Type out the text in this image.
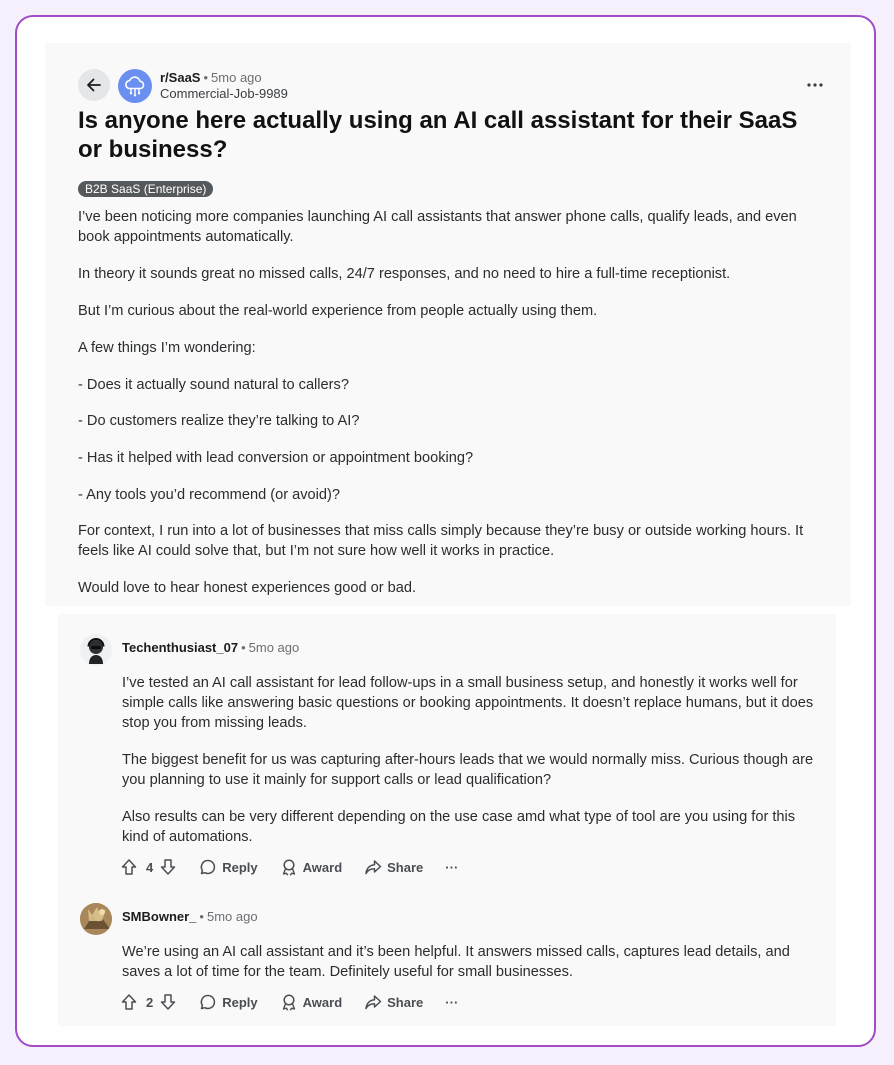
r/SaaS • 5mo ago
Commercial-Job-9989
Is anyone here actually using an AI call assistant for their SaaS or business?
B2B SaaS (Enterprise)
I’ve been noticing more companies launching AI call assistants that answer phone calls, qualify leads, and even book appointments automatically.
In theory it sounds great no missed calls, 24/7 responses, and no need to hire a full-time receptionist.
But I’m curious about the real-world experience from people actually using them.
A few things I’m wondering:
- Does it actually sound natural to callers?
- Do customers realize they’re talking to AI?
- Has it helped with lead conversion or appointment booking?
- Any tools you’d recommend (or avoid)?
For context, I run into a lot of businesses that miss calls simply because they’re busy or outside working hours. It feels like AI could solve that, but I’m not sure how well it works in practice.
Would love to hear honest experiences good or bad.
Techenthusiast_07 • 5mo ago
I’ve tested an AI call assistant for lead follow-ups in a small business setup, and honestly it works well for simple calls like answering basic questions or booking appointments. It doesn’t replace humans, but it does stop you from missing leads.
The biggest benefit for us was capturing after-hours leads that we would normally miss. Curious though are you planning to use it mainly for support calls or lead qualification?
Also results can be very different depending on the use case amd what type of tool are you using for this kind of automations.
4	Reply	Award	Share ···
SMBowner_ • 5mo ago
We’re using an AI call assistant and it’s been helpful. It answers missed calls, captures lead details, and saves a lot of time for the team. Definitely useful for small businesses.
2	Reply	Award	Share ···
